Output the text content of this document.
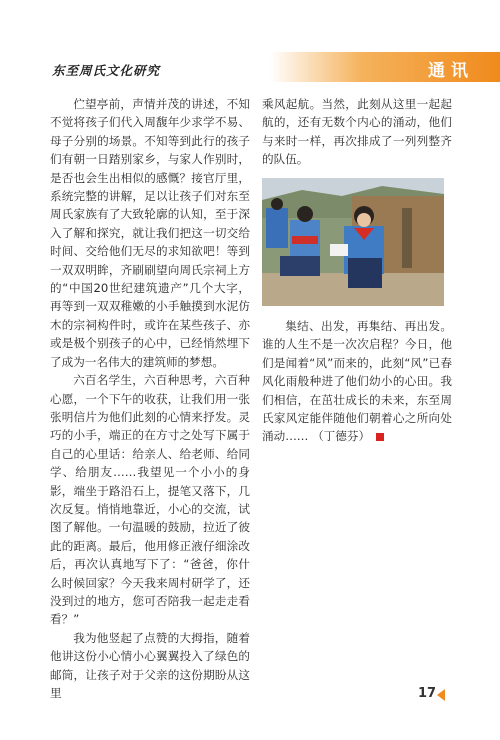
东至周氏文化研究	通讯

伫望亭前，声情并茂的讲述，不知不觉将孩子们代入周馥年少求学不易、母子分别的场景。不知等到此行的孩子们有朝一日踏别家乡，与家人作别时，是否也会生出相似的感慨？接官厅里，系统完整的讲解，足以让孩子们对东至周氏家族有了大致轮廓的认知，至于深入了解和探究，就让我们把这一切交给时间、交给他们无尽的求知欲吧！等到一双双明眸，齐刷刷望向周氏宗祠上方的“中国20世纪建筑遗产”几个大字，再等到一双双稚嫩的小手触摸到水泥仿木的宗祠构件时，或许在某些孩子、亦或是极个别孩子的心中，已经悄然埋下了成为一名伟大的建筑师的梦想。

六百名学生，六百种思考，六百种心愿，一个下午的收获，让我们用一张张明信片为他们此刻的心情来抒发。灵巧的小手，端正的在方寸之处写下属于自己的心里话：给亲人、给老师、给同学、给朋友……我望见一个小小的身影，端坐于路沿石上，提笔又落下，几次反复。悄悄地靠近，小心的交流，试图了解他。一句温暖的鼓励，拉近了彼此的距离。最后，他用修正液仔细涂改后，再次认真地写下了：“爸爸，你什么时候回家？今天我来周村研学了，还没到过的地方，您可否陪我一起走走看看？”

我为他竖起了点赞的大拇指，随着他讲这份小心情小心翼翼投入了绿色的邮筒，让孩子对于父亲的这份期盼从这里

乘风起航。当然，此刻从这里一起起航的，还有无数个内心的涌动，他们与来时一样，再次排成了一列列整齐的队伍。

集结、出发，再集结、再出发。谁的人生不是一次次启程？今日，他们是闻着“风”而来的，此刻“风”已春风化雨般种进了他们幼小的心田。我们相信，在茁壮成长的未来，东至周氏家风定能伴随他们朝着心之所向处涌动…… （丁德芬）

17
